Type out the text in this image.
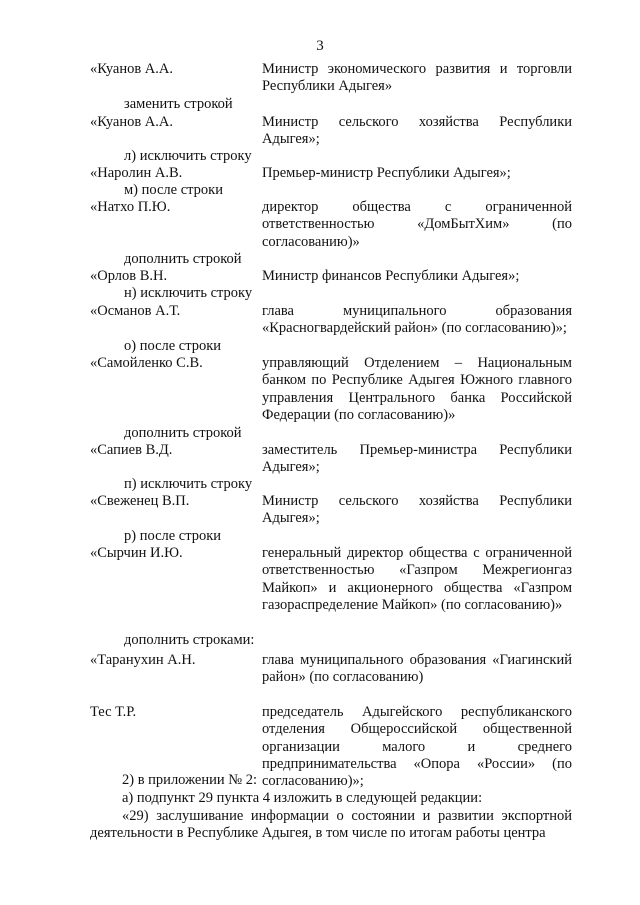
3
«Куанов А.А.	Министр экономического развития и торговли Республики Адыгея»
заменить строкой
«Куанов А.А.	Министр сельского хозяйства Республики Адыгея»;
л) исключить строку
«Наролин А.В.	Премьер-министр Республики Адыгея»;
м) после строки
«Натхо П.Ю.	директор общества с ограниченной ответственностью «ДомБытХим» (по согласованию)»
дополнить строкой
«Орлов В.Н.	Министр финансов Республики Адыгея»;
н) исключить строку
«Османов А.Т.	глава муниципального образования «Красногвардейский район» (по согласованию)»;
о) после строки
«Самойленко С.В.	управляющий Отделением – Национальным банком по Республике Адыгея Южного главного управления Центрального банка Российской Федерации (по согласованию)»
дополнить строкой
«Сапиев В.Д.	заместитель Премьер-министра Республики Адыгея»;
п) исключить строку
«Свеженец В.П.	Министр сельского хозяйства Республики Адыгея»;
р) после строки
«Сырчин И.Ю.	генеральный директор общества с ограниченной ответственностью «Газпром Межрегионгаз Майкоп» и акционерного общества «Газпром газораспределение Майкоп» (по согласованию)»
дополнить строками:
«Таранухин А.Н.	глава муниципального образования «Гиагинский район» (по согласованию)
Тес Т.Р.	председатель Адыгейского республиканского отделения Общероссийской общественной организации малого и среднего предпринимательства «Опора «России» (по согласованию)»;
2) в приложении № 2:
а) подпункт 29 пункта 4 изложить в следующей редакции:
«29) заслушивание информации о состоянии и развитии экспортной деятельности в Республике Адыгея, в том числе по итогам работы центра
